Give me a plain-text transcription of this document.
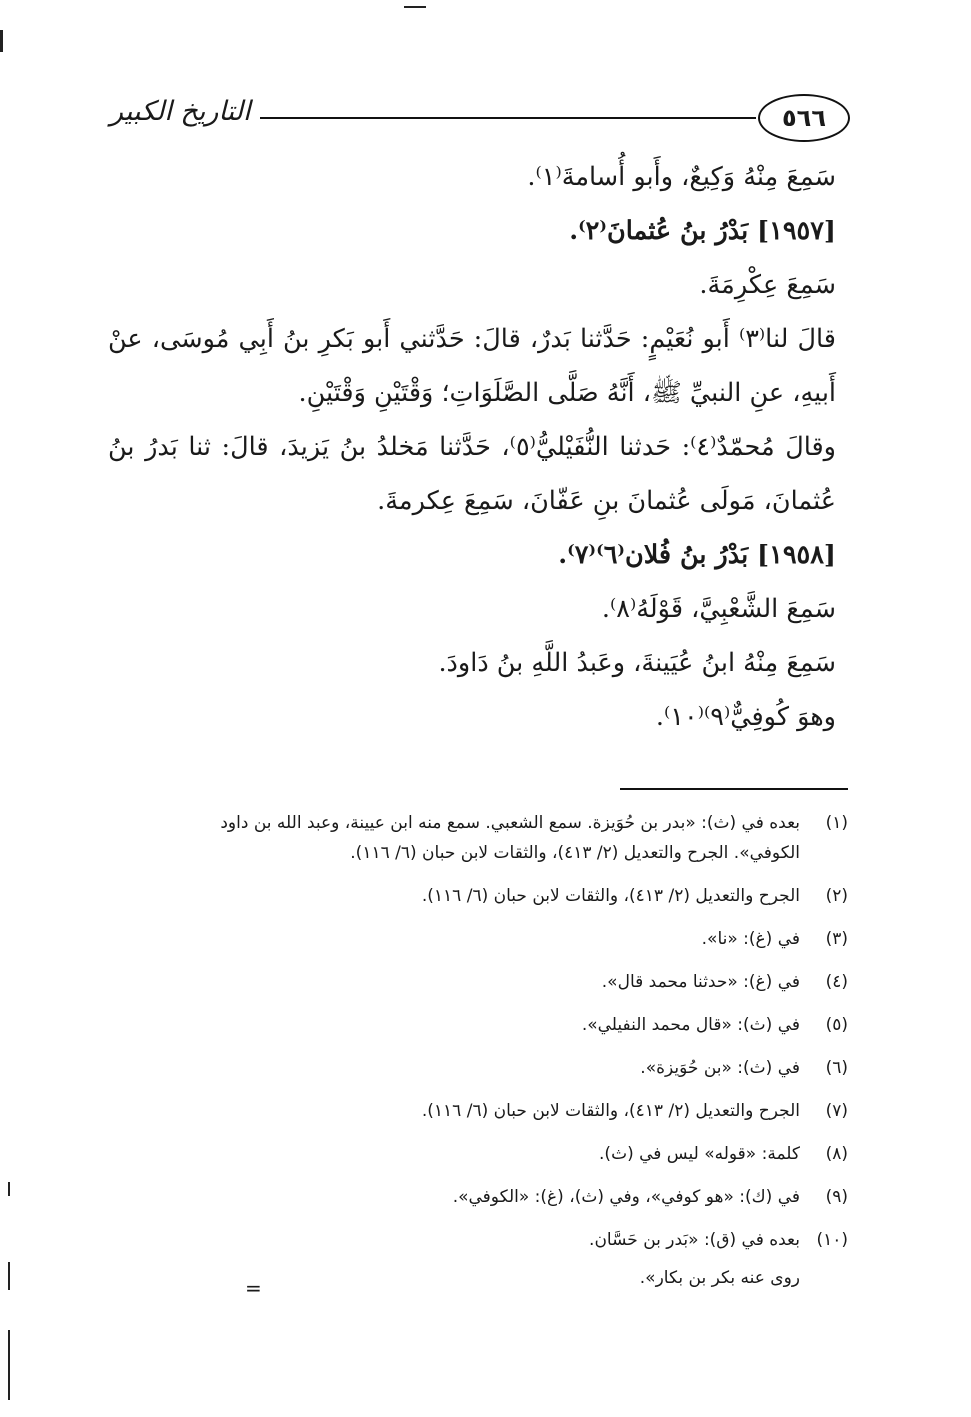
التاريخ الكبير	٥٦٦
سَمِعَ مِنْهُ وَكِيعٌ، وأَبو أُسامةَ⁽١⁾.
[١٩٥٧] بَدْرُ بنُ عُثمانَ⁽٢⁾.
سَمِعَ عِكْرِمَةَ.
قالَ لنا⁽٣⁾ أَبو نُعَيْمٍ: حَدَّثنا بَدرٌ، قالَ: حَدَّثني أَبو بَكرِ بنُ أَبِي مُوسَى، عنْ
أَبيهِ، عنِ النبيِّ ﷺ، أَنَّهُ صَلَّى الصَّلَوَاتِ؛ وَقْتَيْنِ وَقْتَيْنِ.
وقالَ مُحمّدٌ⁽٤⁾: حَدثنا النُّفَيْليُّ⁽٥⁾، حَدَّثنا مَخلدُ بنُ يَزيدَ، قالَ: ثنا بَدرُ بنُ
عُثمانَ، مَولَى عُثمانَ بنِ عَفّانَ، سَمِعَ عِكرمةَ.
[١٩٥٨] بَدْرُ بنُ فُلان⁽٦⁾⁽٧⁾.
سَمِعَ الشَّعْبِيَّ، قَوْلَهُ⁽٨⁾.
سَمِعَ مِنْهُ ابنُ عُيَينةَ، وعَبدُ اللَّهِ بنُ دَاودَ.
وهوَ كُوفِيٌّ⁽٩⁾⁽١٠⁾.
(١)
بعده في (ث): «بدر بن حُوَيزة. سمع الشعبي. سمع منه ابن عيينة، وعبد الله بن داود
الكوفي». الجرح والتعديل (٢/ ٤١٣)، والثقات لابن حبان (٦/ ١١٦).
(٢)
الجرح والتعديل (٢/ ٤١٣)، والثقات لابن حبان (٦/ ١١٦).
(٣)
في (غ): «نا».
(٤)
في (غ): «حدثنا محمد قال».
(٥)
في (ث): «قال محمد النفيلي».
(٦)
في (ث): «بن حُوَيزة».
(٧)
الجرح والتعديل (٢/ ٤١٣)، والثقات لابن حبان (٦/ ١١٦).
(٨)
كلمة: «قوله» ليس في (ث).
(٩)
في (ك): «هو كوفي»، وفي (ث)، (غ): «الكوفي».
(١٠)
بعده في (ق): «بَدر بن حَسَّان.
روى عنه بكر بن بكار».
=
